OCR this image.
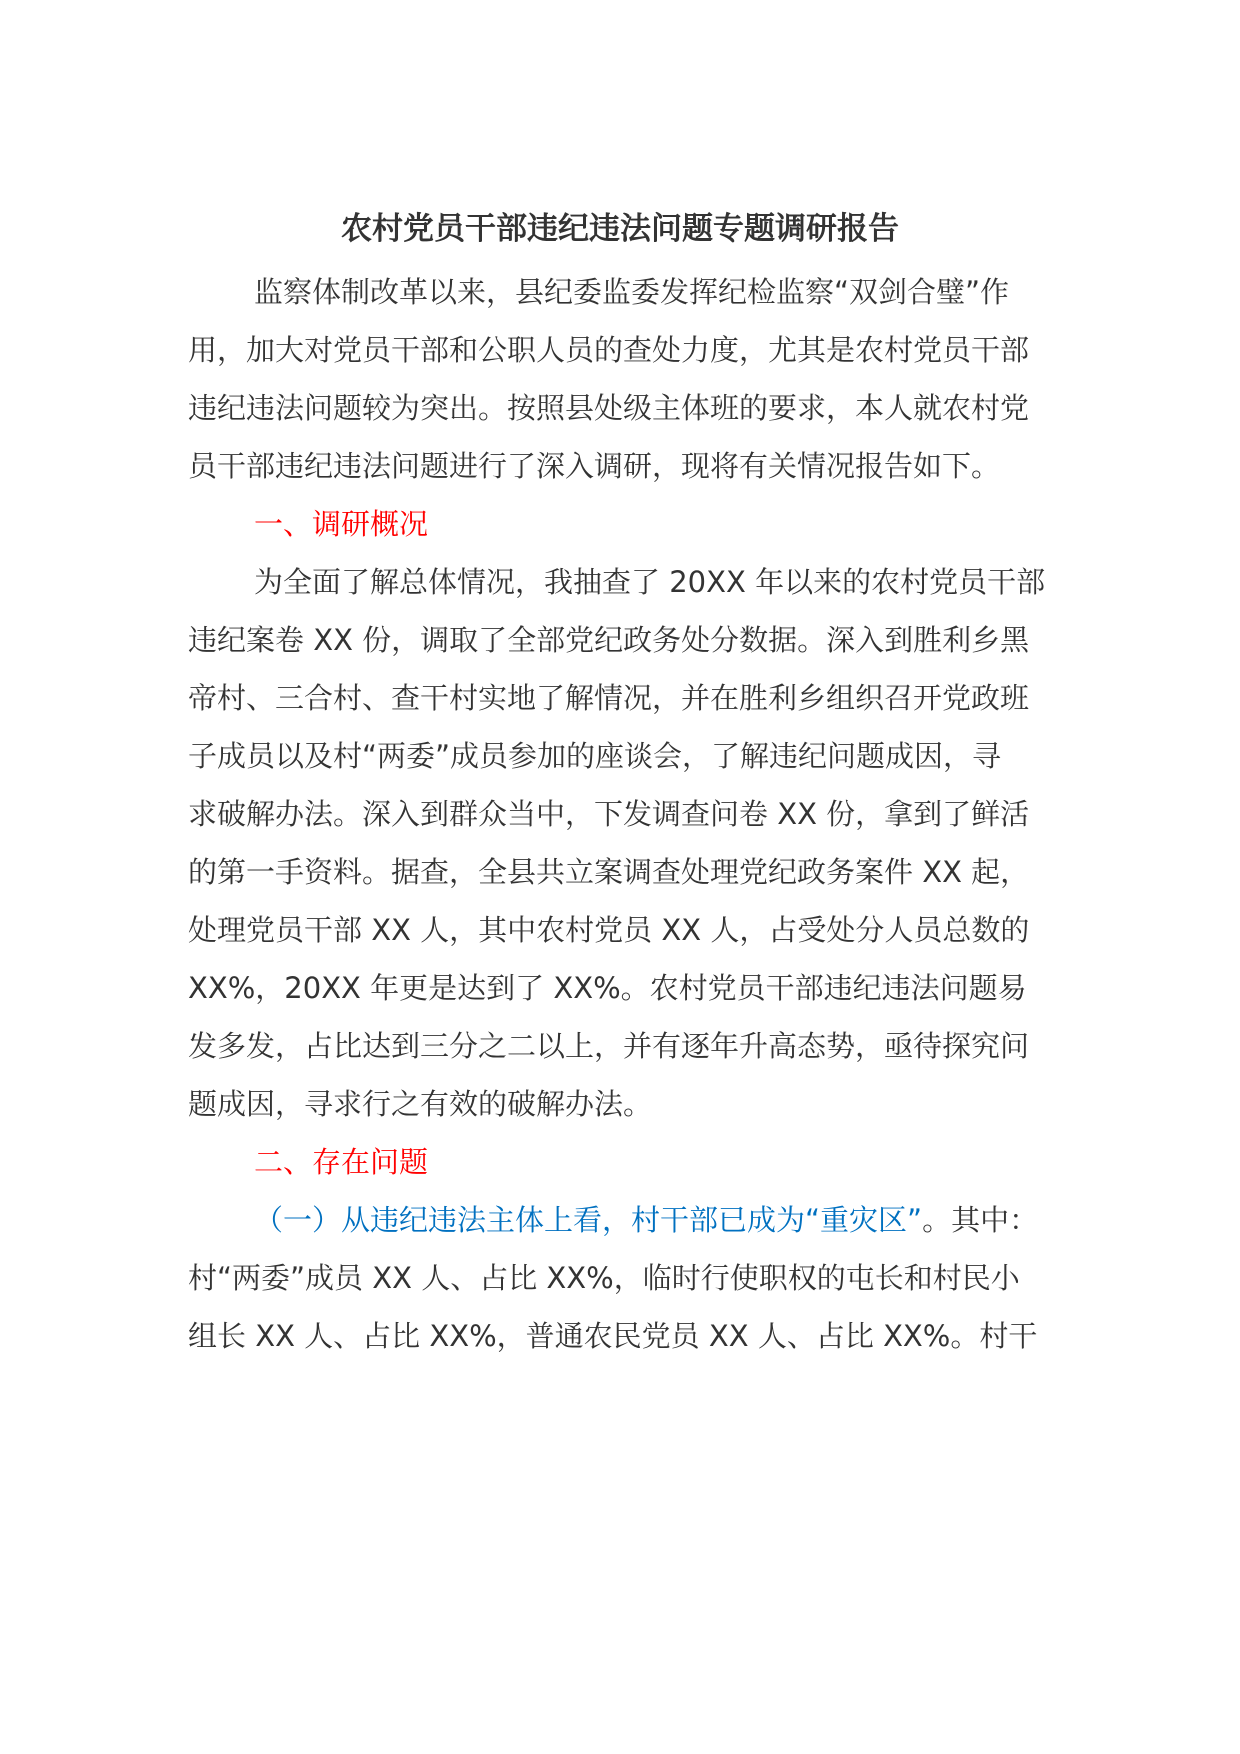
农村党员干部违纪违法问题专题调研报告

监察体制改革以来，县纪委监委发挥纪检监察“双剑合璧”作

用，加大对党员干部和公职人员的查处力度，尤其是农村党员干部

违纪违法问题较为突出。按照县处级主体班的要求，本人就农村党

员干部违纪违法问题进行了深入调研，现将有关情况报告如下。

一、调研概况

为全面了解总体情况，我抽查了 20XX 年以来的农村党员干部

违纪案卷 XX 份，调取了全部党纪政务处分数据。深入到胜利乡黑

帝村、三合村、查干村实地了解情况，并在胜利乡组织召开党政班

子成员以及村“两委”成员参加的座谈会，了解违纪问题成因，寻

求破解办法。深入到群众当中，下发调查问卷 XX 份，拿到了鲜活

的第一手资料。据查，全县共立案调查处理党纪政务案件 XX 起，

处理党员干部 XX 人，其中农村党员 XX 人，占受处分人员总数的

XX%，20XX 年更是达到了 XX%。农村党员干部违纪违法问题易

发多发，占比达到三分之二以上，并有逐年升高态势，亟待探究问

题成因，寻求行之有效的破解办法。

二、存在问题

（一）从违纪违法主体上看，村干部已成为“重灾区”。其中：

村“两委”成员 XX 人、占比 XX%，临时行使职权的屯长和村民小

组长 XX 人、占比 XX%，普通农民党员 XX 人、占比 XX%。村干
